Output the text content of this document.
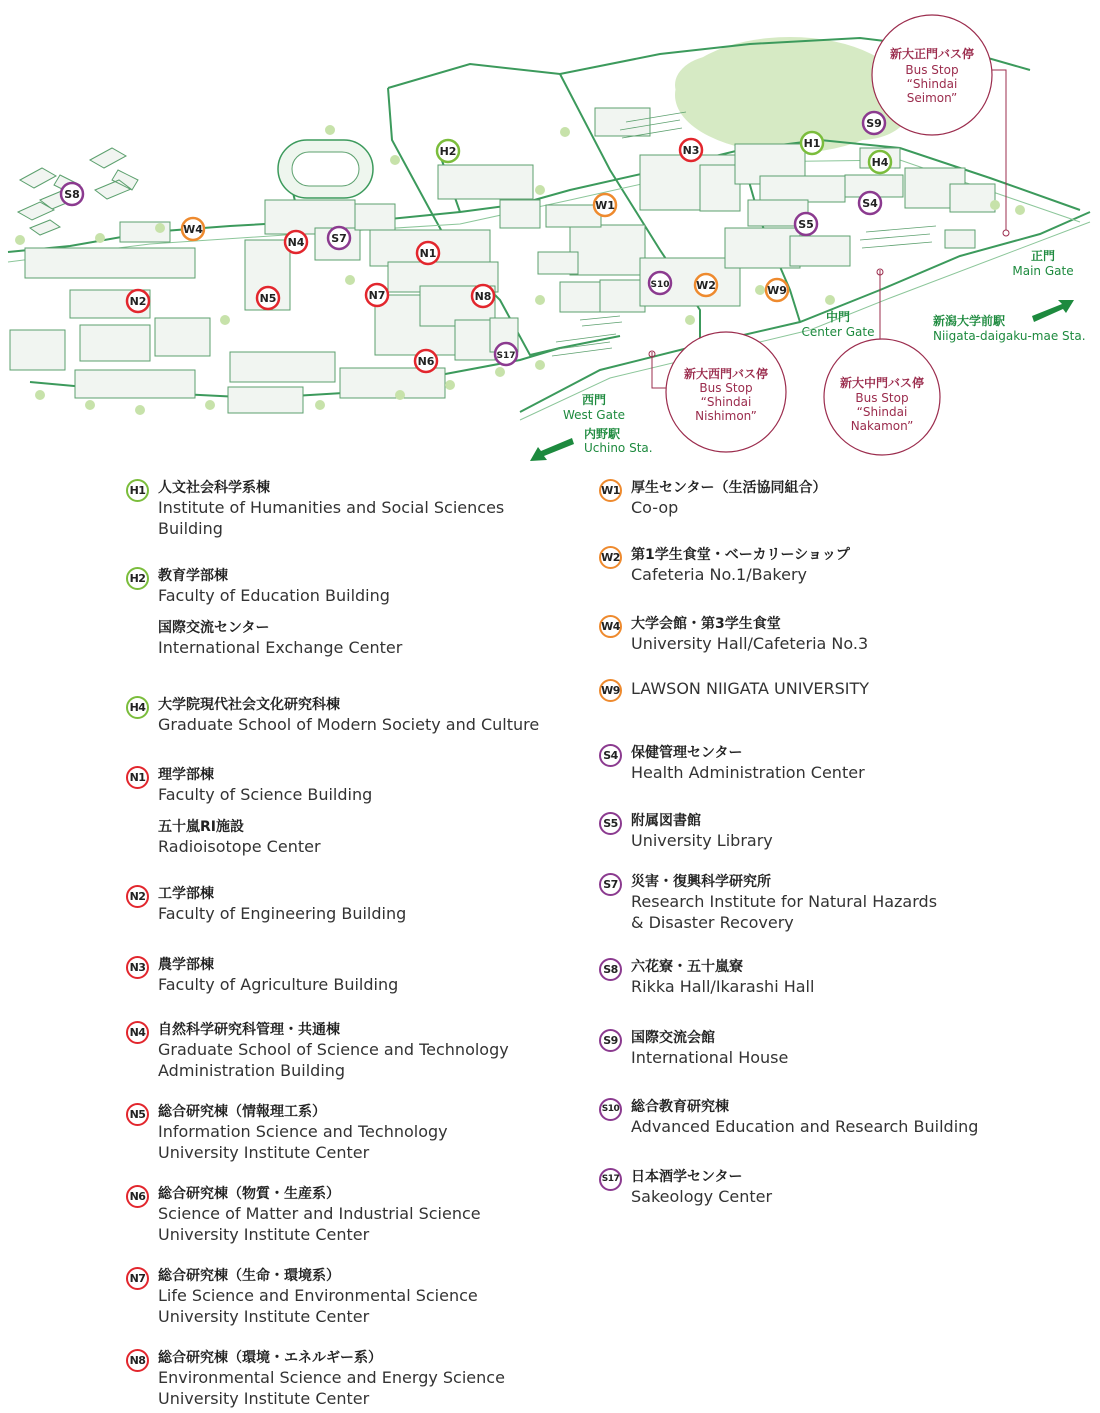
新大正門バス停
Bus Stop
“Shindai
Seimon”
新大西門バス停
Bus Stop
“Shindai
Nishimon”
新大中門バス停
Bus Stop
“Shindai
Nakamon”
正門
Main Gate
中門
Center Gate
西門
West Gate
新潟大学前駅
Niigata-daigaku-mae Sta.
内野駅
Uchino Sta.
S8
W4
H2
N4 S7
N1
N2	N5	N7	N8
N6	S17
N3
W1
S10 W2	W9
H1
S9
H4
S4
S5
H1 人文社会科学系棟
Institute of Humanities and Social Sciences
Building
H2 教育学部棟
Faculty of Education Building
国際交流センター
International Exchange Center
H4 大学院現代社会文化研究科棟
Graduate School of Modern Society and Culture
N1 理学部棟
Faculty of Science Building
五十嵐RI施設
Radioisotope Center
N2 工学部棟
Faculty of Engineering Building
N3 農学部棟
Faculty of Agriculture Building
N4 自然科学研究科管理・共通棟
Graduate School of Science and Technology
Administration Building
N5 総合研究棟（情報理工系）
Information Science and Technology
University Institute Center
N6 総合研究棟（物質・生産系）
Science of Matter and Industrial Science
University Institute Center
N7 総合研究棟（生命・環境系）
Life Science and Environmental Science
University Institute Center
N8 総合研究棟（環境・エネルギー系）
Environmental Science and Energy Science
University Institute Center
W1 厚生センター（生活協同組合）
Co-op
W2 第1学生食堂・ベーカリーショップ
Cafeteria No.1/Bakery
W4 大学会館・第3学生食堂
University Hall/Cafeteria No.3
W9 LAWSON NIIGATA UNIVERSITY
S4 保健管理センター
Health Administration Center
S5 附属図書館
University Library
S7 災害・復興科学研究所
Research Institute for Natural Hazards
& Disaster Recovery
S8 六花寮・五十嵐寮
Rikka Hall/Ikarashi Hall
S9 国際交流会館
International House
S10 総合教育研究棟
Advanced Education and Research Building
S17 日本酒学センター
Sakeology Center
